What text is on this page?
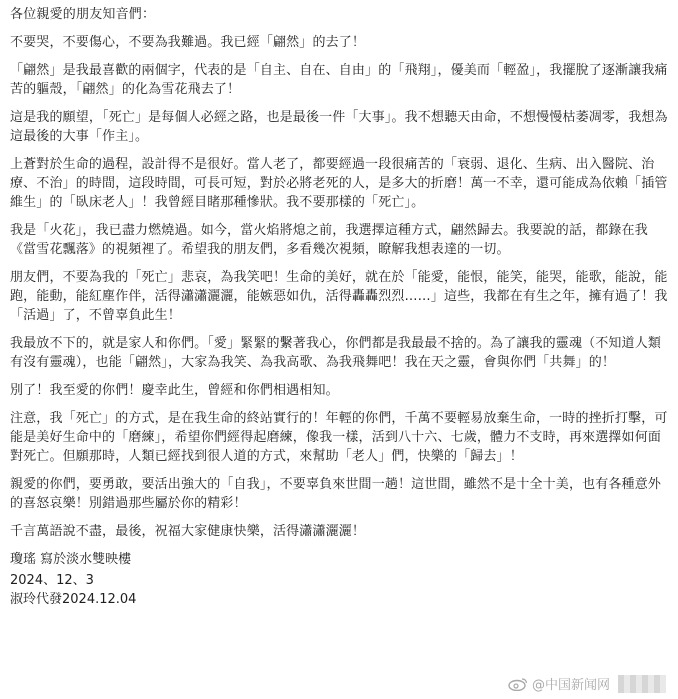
各位親愛的朋友知音們：

不要哭，不要傷心，不要為我難過。我已經「翩然」的去了！

「翩然」是我最喜歡的兩個字，代表的是「自主、自在、自由」的「飛翔」，優美而「輕盈」，我擺脫了逐漸讓我痛苦的軀殼，「翩然」的化為雪花飛去了！

這是我的願望，「死亡」是每個人必經之路，也是最後一件「大事」。我不想聽天由命，不想慢慢枯萎凋零，我想為這最後的大事「作主」。

上蒼對於生命的過程，設計得不是很好。當人老了，都要經過一段很痛苦的「衰弱、退化、生病、出入醫院、治療、不治」的時間，這段時間，可長可短，對於必將老死的人，是多大的折磨！萬一不幸，還可能成為依賴「插管維生」的「臥床老人」！我曾經目睹那種慘狀。我不要那樣的「死亡」。

我是「火花」，我已盡力燃燒過。如今，當火焰將熄之前，我選擇這種方式，翩然歸去。我要說的話，都錄在我《當雪花飄落》的視頻裡了。希望我的朋友們，多看幾次視頻，瞭解我想表達的一切。

朋友們，不要為我的「死亡」悲哀，為我笑吧！生命的美好，就在於「能愛，能恨，能笑，能哭，能歌，能說，能跑，能動，能紅塵作伴，活得瀟瀟灑灑，能嫉惡如仇，活得轟轟烈烈……」這些，我都在有生之年，擁有過了！我「活過」了，不曾辜負此生！

我最放不下的，就是家人和你們。「愛」緊緊的繫著我心，你們都是我最最不捨的。為了讓我的靈魂（不知道人類有沒有靈魂），也能「翩然」，大家為我笑、為我高歌、為我飛舞吧！我在天之靈，會與你們「共舞」的！

別了！我至愛的你們！慶幸此生，曾經和你們相遇相知。

注意，我「死亡」的方式，是在我生命的終站實行的！年輕的你們，千萬不要輕易放棄生命，一時的挫折打擊，可能是美好生命中的「磨練」，希望你們經得起磨練，像我一樣，活到八十六、七歲，體力不支時，再來選擇如何面對死亡。但願那時，人類已經找到很人道的方式，來幫助「老人」們，快樂的「歸去」！

親愛的你們，要勇敢，要活出強大的「自我」，不要辜負來世間一趟！這世間，雖然不是十全十美，也有各種意外的喜怒哀樂！別錯過那些屬於你的精彩！

千言萬語說不盡，最後，祝福大家健康快樂，活得瀟瀟灑灑！

瓊瑤 寫於淡水雙映樓

2024、12、3

淑玲代發2024.12.04

@中国新闻网
